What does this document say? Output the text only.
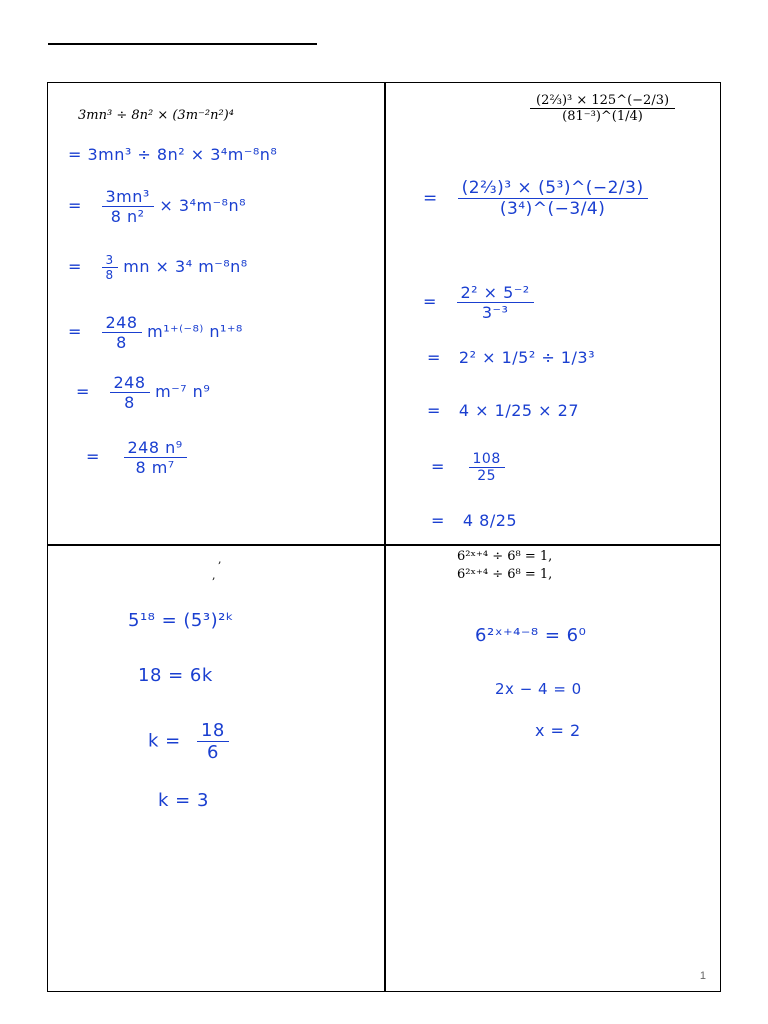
3mn³ ÷ 8n² × (3m⁻²n²)⁴
= 3mn³ ÷ 8n² × 3⁴m⁻⁸n⁸
= $\frac{\text{3mn³}}{\text{8 n²}} \times 3^4m^{-8}n^8$
= $\frac{3}{8}$ mn × 3⁴ m⁻⁸n⁸
= $\frac{248}{8} m^{1+(-8)}$ n¹⁺⁸
= $\frac{248}{8} m^{-7}$ n⁹
= $\frac{\text{248 n⁹}}{\text{8 m⁷}}$
$\frac{\text{(2⅔)³ × 125\textasciicircum{}(−2/3)}}{\text{(81⁻³)\textasciicircum{}(1/4)}}$
= $\frac{\text{(2⅔)³ × (5³)\textasciicircum{}(−2/3)}}{\text{(3⁴)\textasciicircum{}(−3/4)}}$
= $\frac{\text{2² × 5⁻²}}{\text{3⁻³}}$
= 2² × 1/5² ÷ 1/3³
= 4 × 1/25 × 27
= $\frac{108}{25}$
= 4 8/25
,
,
5¹⁸ = (5³)²ᵏ
18 = 6k
$k = \frac{18}{6}$
k = 3
6²ˣ⁺⁴ ÷ 6⁸ = 1,
6²ˣ⁺⁴ ÷ 6⁸ = 1,
6²ˣ⁺⁴⁻⁸ = 6⁰
2x − 4 = 0
x = 2
1
